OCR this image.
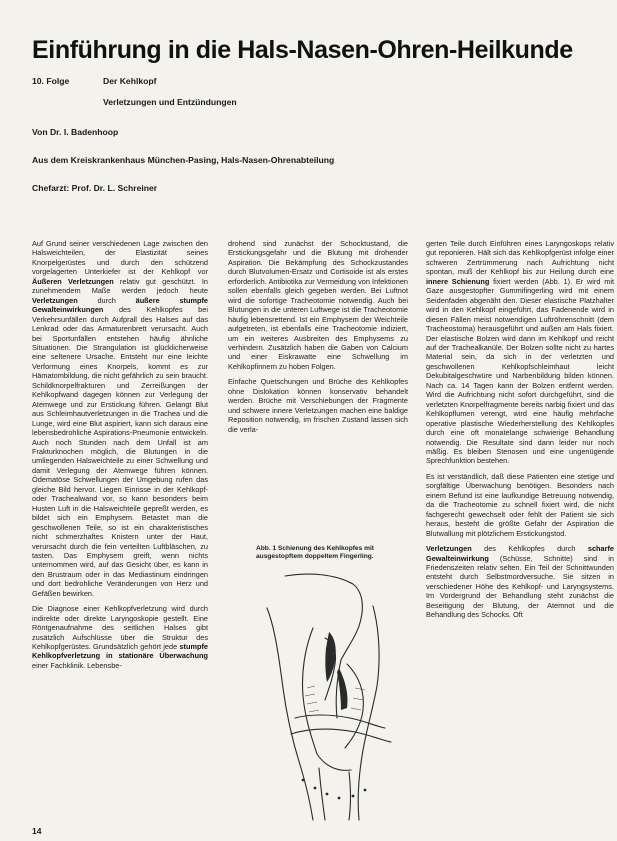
Einführung in die Hals-Nasen-Ohren-Heilkunde
10. Folge	Der Kehlkopf
Verletzungen und Entzündungen
Von Dr. I. Badenhoop
Aus dem Kreiskrankenhaus München-Pasing, Hals-Nasen-Ohrenabteilung
Chefarzt: Prof. Dr. L. Schreiner

Auf Grund seiner verschiedenen Lage zwischen den Halsweichteilen, der Elastizität seines Knorpelgerüstes und durch den schützend vorgelagerten Unterkiefer ist der Kehlkopf vor Äußeren Verletzungen relativ gut geschützt. In zunehmendem Maße werden jedoch heute Verletzungen durch äußere stumpfe Gewalteinwirkungen des Kehlkopfes bei Verkehrsunfällen durch Aufprall des Halses auf das Lenkrad oder das Armaturenbrett verursacht. Auch bei Sportunfällen entstehen häufig ähnliche Situationen. Die Strangulation ist glücklicherweise eine seltenere Ursache. Entsteht nur eine leichte Verformung eines Knorpels, kommt es zur Hämatombildung, die nicht gefährlich zu sein braucht. Schildknorpelfrakturen und Zerreißungen der Kehlkopfwand dagegen können zur Verlegung der Atemwege und zur Erstickung führen. Gelangt Blut aus Schleimhautverletzungen in die Trachea und die Lunge, wird eine Blut aspiriert, kann sich daraus eine lebensbedrohliche Aspirations-Pneumonie entwickeln. Auch noch Stunden nach dem Unfall ist am Frakturknochen möglich, die Blutungen in die umliegenden Halsweichteile zu einer Schwellung und damit Verlegung der Atemwege führen können. Ödematöse Schwellungen der Umgebung rufen das gleiche Bild hervor. Liegen Einrisse in der Kehlkopf- oder Trachealwand vor, so kann besonders beim Husten Luft in die Halsweichteile gepreßt werden, es bildet sich ein Emphysem. Betastet man die geschwollenen Teile, so ist ein charakteristisches nicht schmerzhaftes Knistern unter der Haut, verursacht durch die fein verteilten Luftbläschen, zu tasten. Das Emphysem greift, wenn nichts unternommen wird, auf das Gesicht über, es kann in den Brustraum oder in das Mediastinum eindringen und dort bedrohliche Veränderungen von Herz und Gefäßen bewirken.

Die Diagnose einer Kehlkopfverletzung wird durch indirekte oder direkte Laryngoskopie gestellt. Eine Röntgenaufnahme des seitlichen Halses gibt zusätzlich Aufschlüsse über die Struktur des Kehlkopfgerüstes. Grundsätzlich gehört jede stumpfe Kehlkopfverletzung in stationäre Überwachung einer Fachklinik. Lebensbe-

drohend sind zunächst der Schocktustand, die Erstickungsgefahr und die Blutung mit drohender Aspiration. Die Bekämpfung des Schockzustandes durch Blutvolumen-Ersatz und Cortisoide ist als erstes erforderlich. Antibiotika zur Vermeidung von Infektionen sollen ebenfalls gleich gegeben werden. Bei Luftnot wird die sofortige Tracheotomie notwendig. Auch bei Blutungen in die unteren Luftwege ist die Tracheotomie häufig lebensrettend. Ist ein Emphysem der Weichteile aufgetreten, ist ebenfalls eine Tracheotomie indiziert, um ein weiteres Ausbreiten des Emphysems zu verhindern. Zusätzlich haben die Gaben von Calcium und einer Eiskrawatte eine Schwellung im Kehlkopfinnern zu hoben Folgen.

Einfache Quetschungen und Brüche des Kehlkopfes ohne Dislokation können konservativ behandelt werden. Brüche mit Verschiebungen der Fragmente und schwere innere Verletzungen machen eine baldige Reposition notwendig, im frischen Zustand lassen sich die verla-

Abb. 1 Schienung des Kehlkopfes mit ausgestopftem doppeltem Fingerling.

gerten Teile durch Einführen eines Laryngoskops relativ gut reponieren. Hält sich das Kehlkopfgerüst infolge einer schweren Zertrümmerung nach Aufrichtung nicht spontan, muß der Kehlkopf bis zur Heilung durch eine innere Schienung fixiert werden (Abb. 1). Er wird mit Gaze ausgestopfter Gummifingerling wird mit einem Seidenfaden abgenäht den. Dieser elastische Platzhalter wird in den Kehlkopf eingeführt, das Fadenende wird in diesen Fällen meist notwendigen Luftröhrenschnitt (dem Tracheostoma) herausgeführt und außen am Hals fixiert. Der elastische Bolzen wird dann im Kehlkopf und reicht auf der Trachealkanüle. Der Bolzen sollte nicht zu hartes Material sein, da sich in der verletzten und geschwollenen Kehlkopfschleimhaut leicht Dekubitalgeschwüre und Narbenbildung bilden können. Nach ca. 14 Tagen kann der Bolzen entfernt werden. Wird die Aufrichtung nicht sofort durchgeführt, sind die verletzten Knorpelfragmente bereits narbig fixiert und das Kehlkopflumen verengt, wird eine häufig mehrfache operative plastische Wiederherstellung des Kehlkopfes durch eine oft monatelange schwierige Behandlung notwendig. Die Resultate sind dann leider nur noch mäßig. Es bleiben Stenosen und eine ungenügende Sprechfunktion bestehen.

Es ist verständlich, daß diese Patienten eine stetige und sorgfältige Überwachung benötigen. Besonders nach einem Befund ist eine laufkundige Betreuung notwendig, da die Tracheotomie zu schnell fixiert wird, die nicht fachgerecht gewechselt oder fehlt der Patient sie sich heraus, besteht die größte Gefahr der Aspiration die Blutwallung mit plötzlichem Erstickungstod.

Verletzungen des Kehlkopfes durch scharfe Gewalteinwirkung (Schüsse, Schnitte) sind in Friedenszeiten relativ selten. Ein Teil der Schnittwunden entsteht durch Selbstmordversuche. Sie sitzen in verschiedener Höhe des Kehlkopf- und Laryngsystems. Im Vordergrund der Behandlung steht zunächst die Beseitigung der Blutung, der Atemnot und die Behandlung des Schocks. Oft

14
